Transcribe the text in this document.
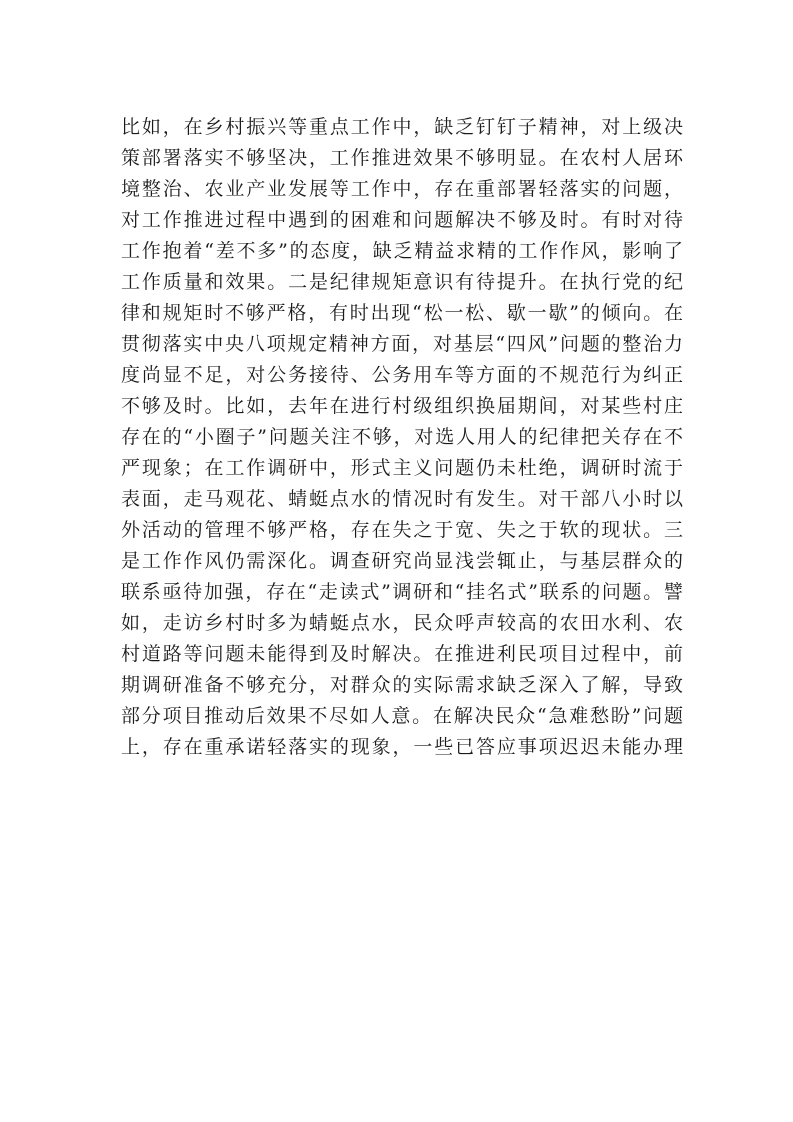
比如，在乡村振兴等重点工作中，缺乏钉钉子精神，对上级决
策部署落实不够坚决，工作推进效果不够明显。在农村人居环
境整治、农业产业发展等工作中，存在重部署轻落实的问题，
对工作推进过程中遇到的困难和问题解决不够及时。有时对待
工作抱着“差不多”的态度，缺乏精益求精的工作作风，影响了
工作质量和效果。二是纪律规矩意识有待提升。在执行党的纪
律和规矩时不够严格，有时出现“松一松、歇一歇”的倾向。在
贯彻落实中央八项规定精神方面，对基层“四风”问题的整治力
度尚显不足，对公务接待、公务用车等方面的不规范行为纠正
不够及时。比如，去年在进行村级组织换届期间，对某些村庄
存在的“小圈子”问题关注不够，对选人用人的纪律把关存在不
严现象；在工作调研中，形式主义问题仍未杜绝，调研时流于
表面，走马观花、蜻蜓点水的情况时有发生。对干部八小时以
外活动的管理不够严格，存在失之于宽、失之于软的现状。三
是工作作风仍需深化。调查研究尚显浅尝辄止，与基层群众的
联系亟待加强，存在“走读式”调研和“挂名式”联系的问题。譬
如，走访乡村时多为蜻蜓点水，民众呼声较高的农田水利、农
村道路等问题未能得到及时解决。在推进利民项目过程中，前
期调研准备不够充分，对群众的实际需求缺乏深入了解，导致
部分项目推动后效果不尽如人意。在解决民众“急难愁盼”问题
上，存在重承诺轻落实的现象，一些已答应事项迟迟未能办理
